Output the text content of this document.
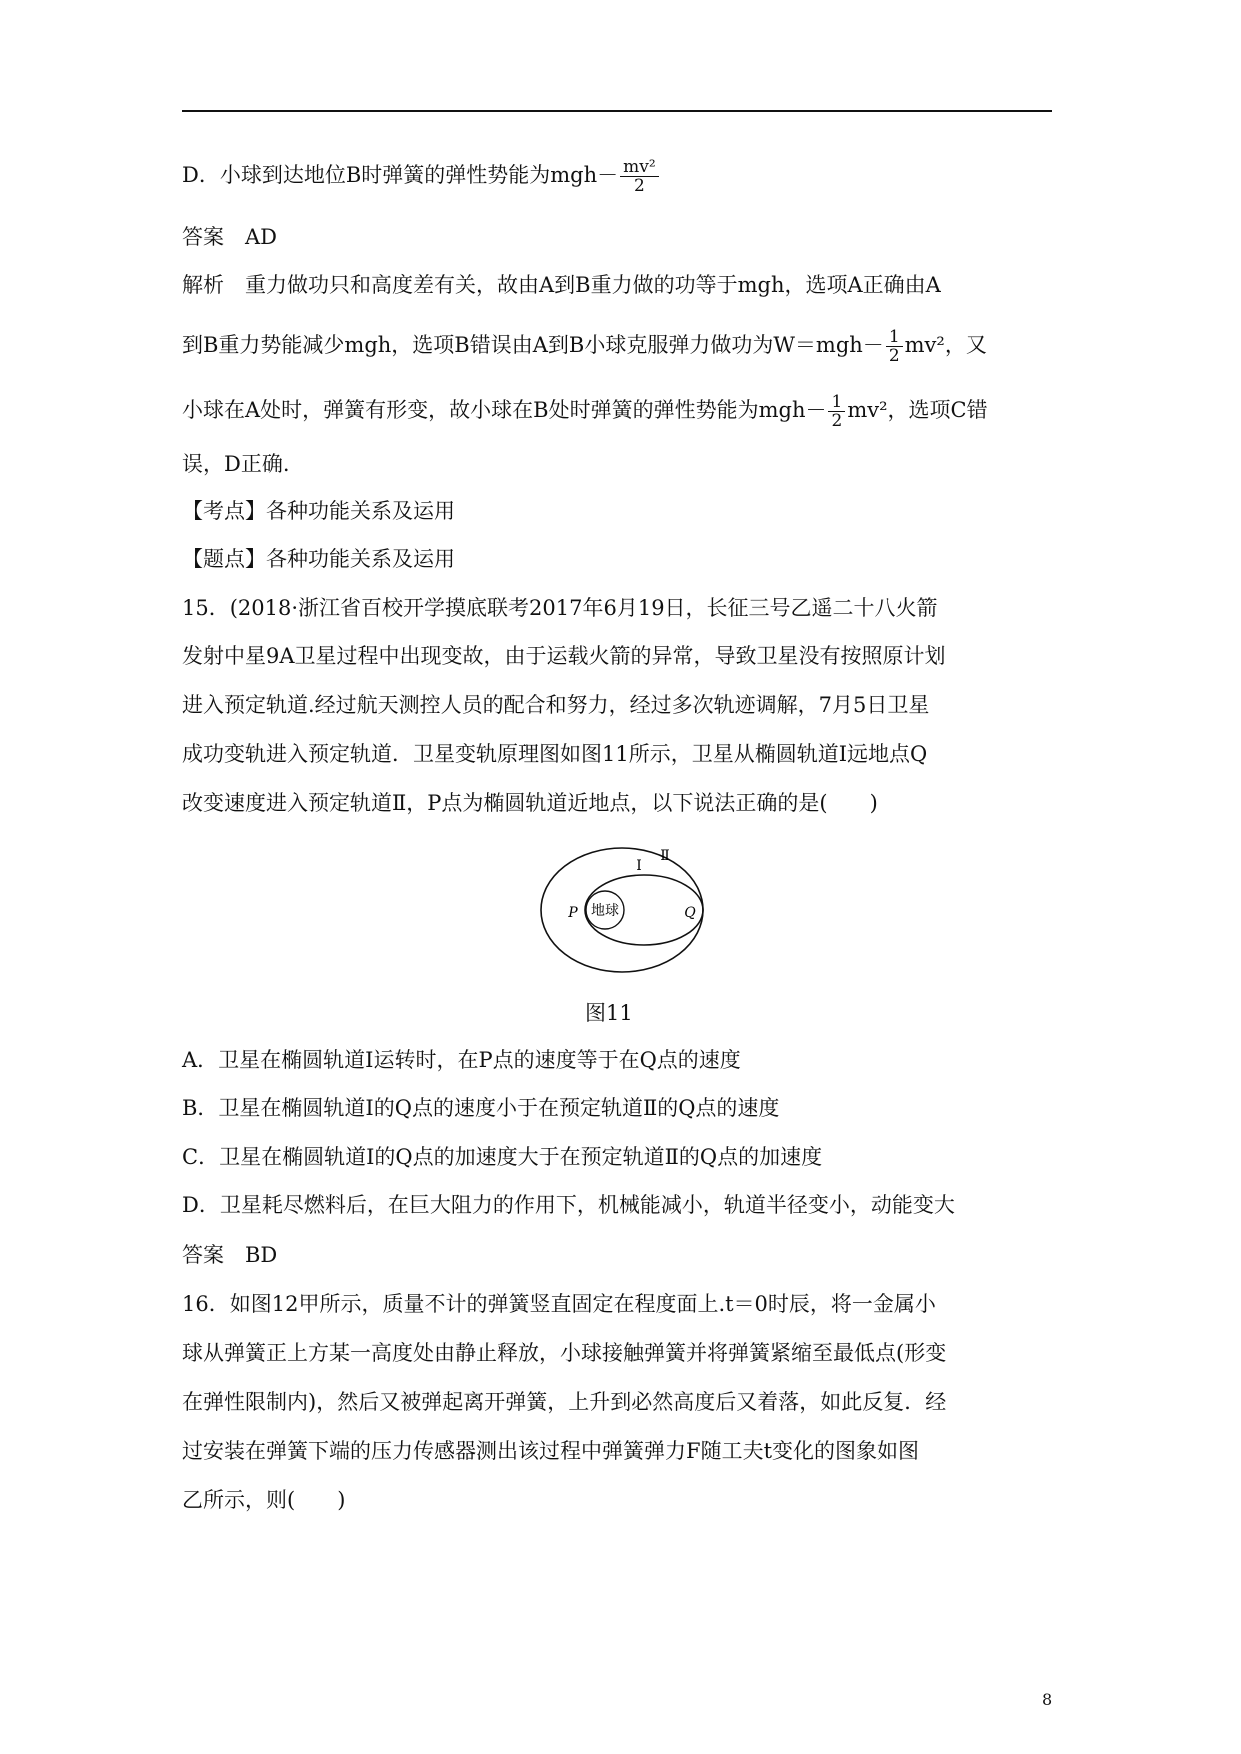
D．小球到达地位B时弹簧的弹性势能为$mgh- \frac{\text{mv²}}{2}$
答案　AD
解析　重力做功只和高度差有关，故由A到B重力做的功等于mgh，选项A正确由A
到B重力势能减少mgh，选项B错误由A到B小球克服弹力做功为$W=mgh- \frac{1}{2} mv^2$，又
小球在A处时，弹簧有形变，故小球在B处时弹簧的弹性势能为$mgh- \frac{1}{2} mv^2$，选项C错
误，D正确.
【考点】各种功能关系及运用
【题点】各种功能关系及运用
15．(2018·浙江省百校开学摸底联考2017年6月19日，长征三号乙遥二十八火箭
发射中星9A卫星过程中出现变故，由于运载火箭的异常，导致卫星没有按照原计划
进入预定轨道.经过航天测控人员的配合和努力，经过多次轨迹调解，7月5日卫星
成功变轨进入预定轨道．卫星变轨原理图如图11所示，卫星从椭圆轨道Ⅰ远地点Q
改变速度进入预定轨道Ⅱ，P点为椭圆轨道近地点，以下说法正确的是(　　)
地球
P	Q
Ⅰ
Ⅱ
图11
A．卫星在椭圆轨道Ⅰ运转时，在P点的速度等于在Q点的速度
B．卫星在椭圆轨道Ⅰ的Q点的速度小于在预定轨道Ⅱ的Q点的速度
C．卫星在椭圆轨道Ⅰ的Q点的加速度大于在预定轨道Ⅱ的Q点的加速度
D．卫星耗尽燃料后，在巨大阻力的作用下，机械能减小，轨道半径变小，动能变大
答案　BD
16．如图12甲所示，质量不计的弹簧竖直固定在程度面上.t＝0时辰，将一金属小
球从弹簧正上方某一高度处由静止释放，小球接触弹簧并将弹簧紧缩至最低点(形变
在弹性限制内)，然后又被弹起离开弹簧，上升到必然高度后又着落，如此反复．经
过安装在弹簧下端的压力传感器测出该过程中弹簧弹力F随工夫t变化的图象如图
乙所示，则(　　)
8
